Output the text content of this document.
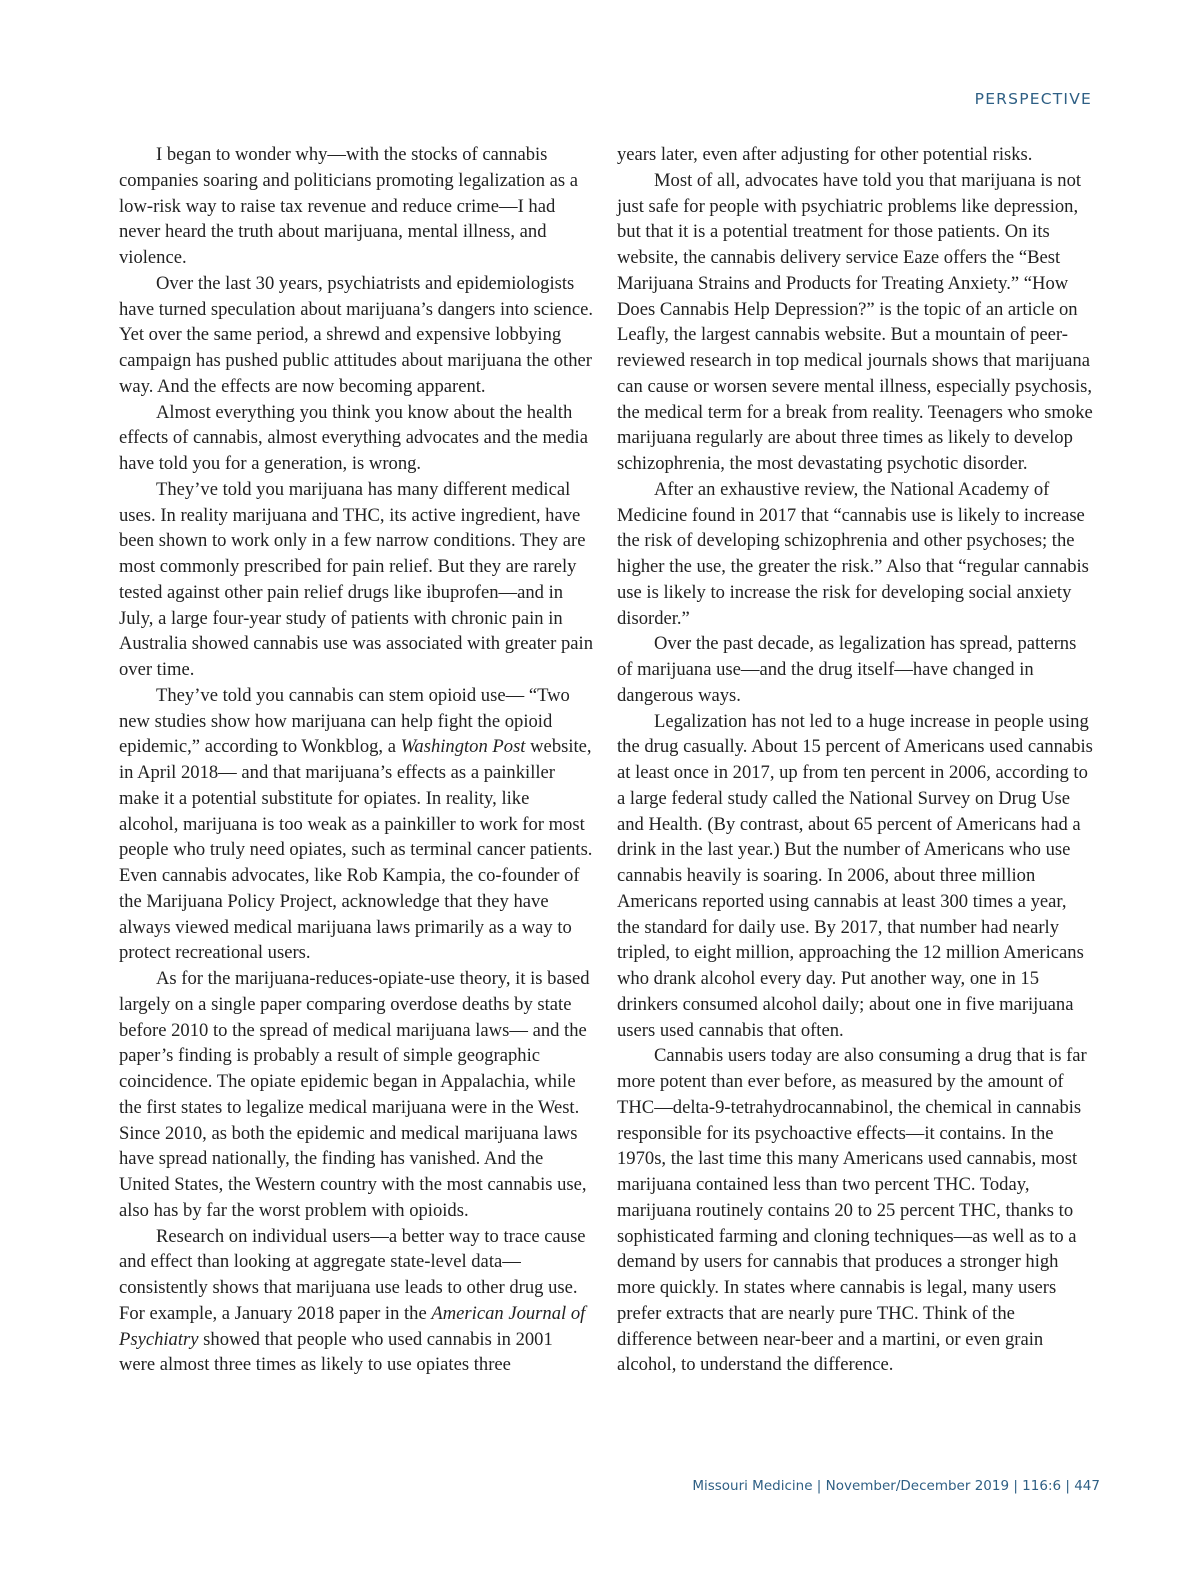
PERSPECTIVE

I began to wonder why—with the stocks of cannabis companies soaring and politicians promoting legalization as a low-risk way to raise tax revenue and reduce crime—I had never heard the truth about marijuana, mental illness, and violence.

Over the last 30 years, psychiatrists and epidemiologists have turned speculation about marijuana’s dangers into science. Yet over the same period, a shrewd and expensive lobbying campaign has pushed public attitudes about marijuana the other way. And the effects are now becoming apparent.

Almost everything you think you know about the health effects of cannabis, almost everything advocates and the media have told you for a generation, is wrong.

They’ve told you marijuana has many different medical uses. In reality marijuana and THC, its active ingredient, have been shown to work only in a few narrow conditions. They are most commonly prescribed for pain relief. But they are rarely tested against other pain relief drugs like ibuprofen—and in July, a large four-year study of patients with chronic pain in Australia showed cannabis use was associated with greater pain over time.

They’ve told you cannabis can stem opioid use— “Two new studies show how marijuana can help fight the opioid epidemic,” according to Wonkblog, a Washington Post website, in April 2018— and that marijuana’s effects as a painkiller make it a potential substitute for opiates. In reality, like alcohol, marijuana is too weak as a painkiller to work for most people who truly need opiates, such as terminal cancer patients. Even cannabis advocates, like Rob Kampia, the co-founder of the Marijuana Policy Project, acknowledge that they have always viewed medical marijuana laws primarily as a way to protect recreational users.

As for the marijuana-reduces-opiate-use theory, it is based largely on a single paper comparing overdose deaths by state before 2010 to the spread of medical marijuana laws— and the paper’s finding is probably a result of simple geographic coincidence. The opiate epidemic began in Appalachia, while the first states to legalize medical marijuana were in the West. Since 2010, as both the epidemic and medical marijuana laws have spread nationally, the finding has vanished. And the United States, the Western country with the most cannabis use, also has by far the worst problem with opioids.

Research on individual users—a better way to trace cause and effect than looking at aggregate state-level data—consistently shows that marijuana use leads to other drug use. For example, a January 2018 paper in the American Journal of Psychiatry showed that people who used cannabis in 2001 were almost three times as likely to use opiates three

years later, even after adjusting for other potential risks.

Most of all, advocates have told you that marijuana is not just safe for people with psychiatric problems like depression, but that it is a potential treatment for those patients. On its website, the cannabis delivery service Eaze offers the “Best Marijuana Strains and Products for Treating Anxiety.” “How Does Cannabis Help Depression?” is the topic of an article on Leafly, the largest cannabis website. But a mountain of peer-reviewed research in top medical journals shows that marijuana can cause or worsen severe mental illness, especially psychosis, the medical term for a break from reality. Teenagers who smoke marijuana regularly are about three times as likely to develop schizophrenia, the most devastating psychotic disorder.

After an exhaustive review, the National Academy of Medicine found in 2017 that “cannabis use is likely to increase the risk of developing schizophrenia and other psychoses; the higher the use, the greater the risk.” Also that “regular cannabis use is likely to increase the risk for developing social anxiety disorder.”

Over the past decade, as legalization has spread, patterns of marijuana use—and the drug itself—have changed in dangerous ways.

Legalization has not led to a huge increase in people using the drug casually. About 15 percent of Americans used cannabis at least once in 2017, up from ten percent in 2006, according to a large federal study called the National Survey on Drug Use and Health. (By contrast, about 65 percent of Americans had a drink in the last year.) But the number of Americans who use cannabis heavily is soaring. In 2006, about three million Americans reported using cannabis at least 300 times a year, the standard for daily use. By 2017, that number had nearly tripled, to eight million, approaching the 12 million Americans who drank alcohol every day. Put another way, one in 15 drinkers consumed alcohol daily; about one in five marijuana users used cannabis that often.

Cannabis users today are also consuming a drug that is far more potent than ever before, as measured by the amount of THC—delta-9-tetrahydrocannabinol, the chemical in cannabis responsible for its psychoactive effects—it contains. In the 1970s, the last time this many Americans used cannabis, most marijuana contained less than two percent THC. Today, marijuana routinely contains 20 to 25 percent THC, thanks to sophisticated farming and cloning techniques—as well as to a demand by users for cannabis that produces a stronger high more quickly. In states where cannabis is legal, many users prefer extracts that are nearly pure THC. Think of the difference between near-beer and a martini, or even grain alcohol, to understand the difference.

Missouri Medicine | November/December 2019 | 116:6 | 447
